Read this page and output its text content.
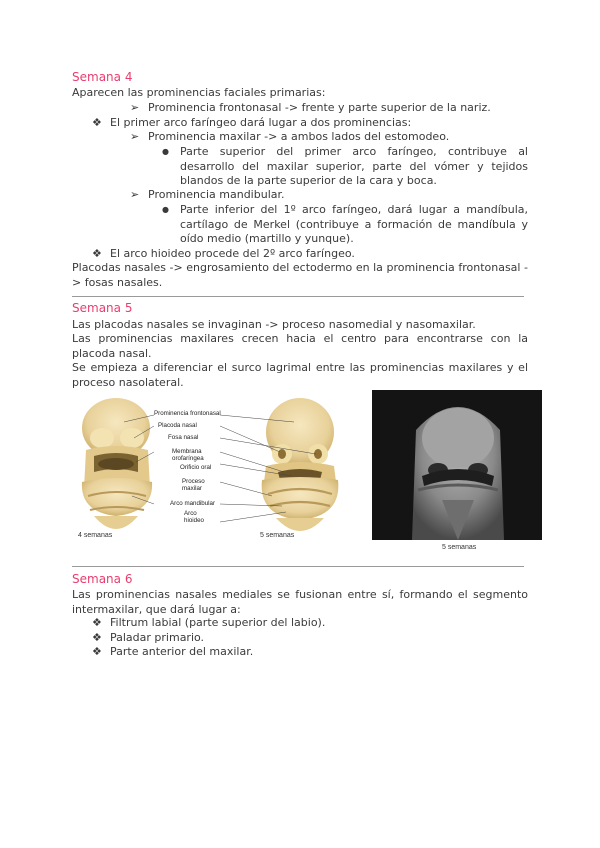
Semana 4
Aparecen las prominencias faciales primarias:
➢ Prominencia frontonasal -> frente y parte superior de la nariz.
❖ El primer arco faríngeo dará lugar a dos prominencias:
➢ Prominencia maxilar -> a ambos lados del estomodeo.
●	Parte superior del primer arco faríngeo, contribuye al desarrollo del maxilar superior, parte del vómer y tejidos blandos de la parte superior de la cara y boca.
➢ Prominencia mandibular.
●	Parte inferior del 1º arco faríngeo, dará lugar a mandíbula, cartílago de Merkel (contribuye a formación de mandíbula y oído medio (martillo y yunque).
❖ El arco hioideo procede del 2º arco faríngeo.
Placodas nasales -> engrosamiento del ectodermo en la prominencia frontonasal -> fosas nasales.
Semana 5
Las placodas nasales se invaginan -> proceso nasomedial y nasomaxilar.
Las prominencias maxilares crecen hacia el centro para encontrarse con la placoda nasal.
Se empieza a diferenciar el surco lagrimal entre las prominencias maxilares y el proceso nasolateral.
Prominencia frontonasal
Placoda nasal
Fosa nasal
Membrana orofaríngea
Orificio oral
Proceso maxilar
Arco mandibular
Arco hioideo
4 semanas	5 semanas
5 semanas
Semana 6
Las prominencias nasales mediales se fusionan entre sí, formando el segmento intermaxilar, que dará lugar a:
❖ Filtrum labial (parte superior del labio).
❖ Paladar primario.
❖ Parte anterior del maxilar.
